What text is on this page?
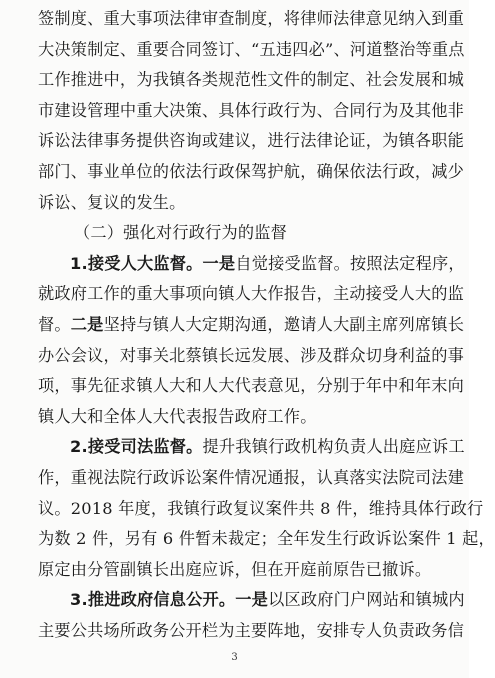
签制度、重大事项法律审查制度，将律师法律意见纳入到重
大决策制定、重要合同签订、“五违四必”、河道整治等重点
工作推进中，为我镇各类规范性文件的制定、社会发展和城
市建设管理中重大决策、具体行政行为、合同行为及其他非
诉讼法律事务提供咨询或建议，进行法律论证，为镇各职能
部门、事业单位的依法行政保驾护航，确保依法行政，减少
诉讼、复议的发生。
（二）强化对行政行为的监督
1.接受人大监督。一是自觉接受监督。按照法定程序，
就政府工作的重大事项向镇人大作报告，主动接受人大的监
督。二是坚持与镇人大定期沟通，邀请人大副主席列席镇长
办公会议，对事关北蔡镇长远发展、涉及群众切身利益的事
项，事先征求镇人大和人大代表意见，分别于年中和年末向
镇人大和全体人大代表报告政府工作。
2.接受司法监督。提升我镇行政机构负责人出庭应诉工
作，重视法院行政诉讼案件情况通报，认真落实法院司法建
议。2018 年度，我镇行政复议案件共 8 件，维持具体行政行
为数 2 件，另有 6 件暂未裁定；全年发生行政诉讼案件 1 起，
原定由分管副镇长出庭应诉，但在开庭前原告已撤诉。
3.推进政府信息公开。一是以区政府门户网站和镇城内
主要公共场所政务公开栏为主要阵地，安排专人负责政务信
3
